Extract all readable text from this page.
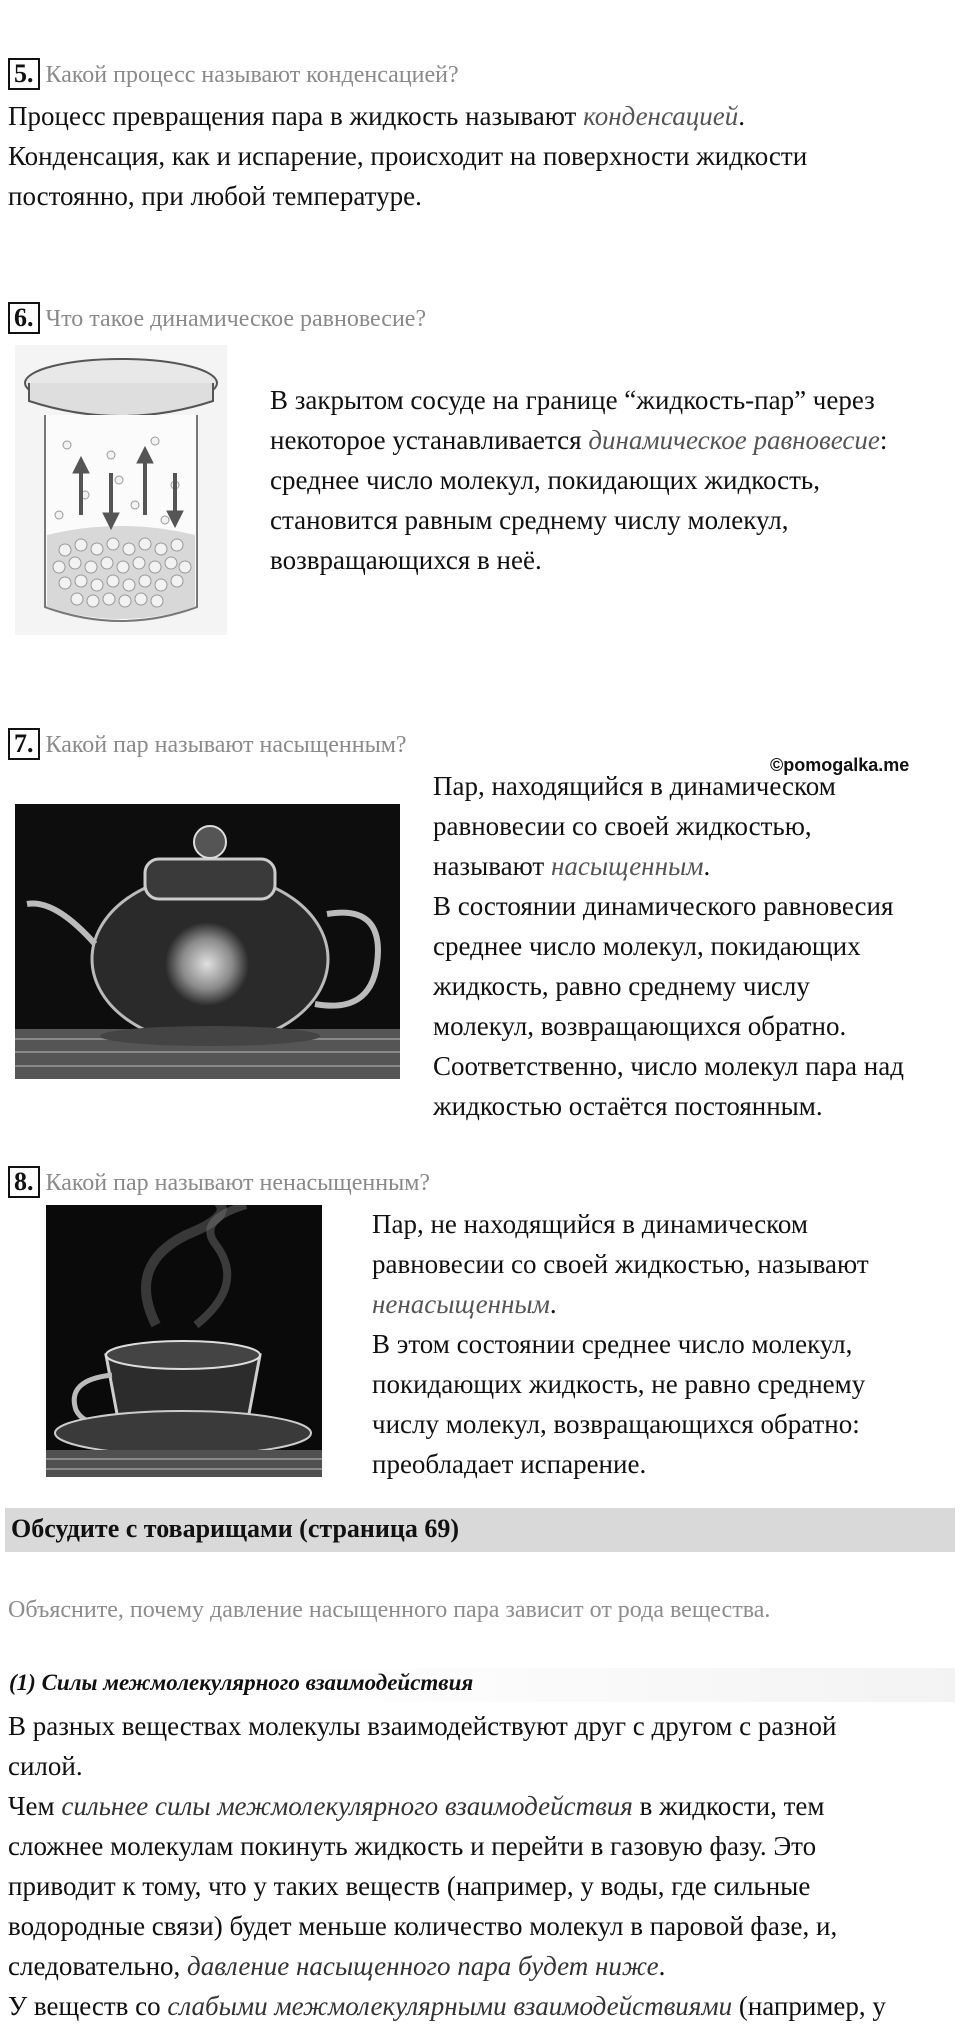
5. Какой процесс называют конденсацией?
Процесс превращения пара в жидкость называют конденсацией.
Конденсация, как и испарение, происходит на поверхности жидкости
постоянно, при любой температуре.
6. Что такое динамическое равновесие?
В закрытом сосуде на границе “жидкость-пар” через
некоторое устанавливается динамическое равновесие:
среднее число молекул, покидающих жидкость,
становится равным среднему числу молекул,
возвращающихся в неё.
7. Какой пар называют насыщенным?
©pomogalka.me
Пар, находящийся в динамическом
равновесии со своей жидкостью,
называют насыщенным.
В состоянии динамического равновесия
среднее число молекул, покидающих
жидкость, равно среднему числу
молекул, возвращающихся обратно.
Соответственно, число молекул пара над
жидкостью остаётся постоянным.
8. Какой пар называют ненасыщенным?
Пар, не находящийся в динамическом
равновесии со своей жидкостью, называют
ненасыщенным.
В этом состоянии среднее число молекул,
покидающих жидкость, не равно среднему
числу молекул, возвращающихся обратно:
преобладает испарение.
Обсудите с товарищами (страница 69)
Объясните, почему давление насыщенного пара зависит от рода вещества.
(1) Силы межмолекулярного взаимодействия
В разных веществах молекулы взаимодействуют друг с другом с разной
силой.
Чем сильнее силы межмолекулярного взаимодействия в жидкости, тем
сложнее молекулам покинуть жидкость и перейти в газовую фазу. Это
приводит к тому, что у таких веществ (например, у воды, где сильные
водородные связи) будет меньше количество молекул в паровой фазе, и,
следовательно, давление насыщенного пара будет ниже.
У веществ со слабыми межмолекулярными взаимодействиями (например, у
